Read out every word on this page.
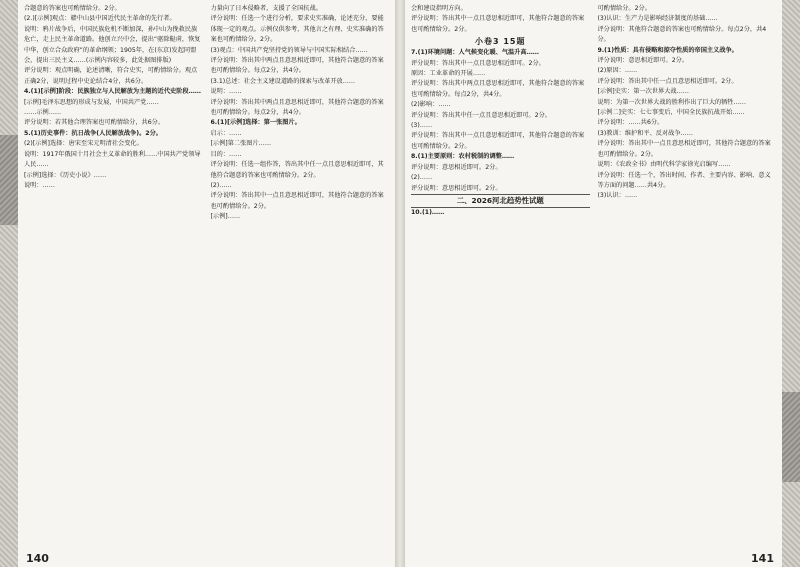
合题意的答案也可酌情给分。2分。

(2.)[示例]观点：赣中山县中国近代民主革命的先行者。

说明：鸦片战争后，中国民族危机不断加深，孙中山为挽救民族危亡，走上民主革命道路。他创立兴中会，提出“驱除鞑虏，恢复中华，创立合众政府”的革命纲领；1905年，在(东京)发起同盟会，提出三民主义……(示例内容较多，此处据图排版)

评分说明：观点明确，论述清晰，符合史实，可酌情给分。观点正确2分，说明过程中史论结合4分，共6分。

4.(1)[示例]阶段：民族独立与人民解放为主题的近代史阶段……

[示例]毛泽东思想的形成与发展，中国共产党……

……示例……

评分说明：若其他合理答案也可酌情给分，共6分。

5.(1)历史事件：抗日战争(人民解放战争)。2分。

(2)[示例]选择：唐宋至宋元明清社会变化。

说明：1917年俄国十月社会主义革命的胜利……中国共产党领导人民……

[示例]选择：《历史小说》……

说明：……

力量向了日本侵略者，支援了全国抗战。

评分说明：任选一个进行分析，要求史实准确，论述充分，要能体现一定的观点。示例仅供参考，其他言之有理、史实准确的答案也可酌情给分。2分。

(3)观点：中国共产党坚持党的领导与中国实际相结合……

评分说明：答出其中两点且意思相近即可，其他符合题意的答案也可酌情给分。每点2分，共4分。

(3.1)总述：社会主义建设道路的探索与改革开放……

说明：……

评分说明：答出其中两点且意思相近即可，其他符合题意的答案也可酌情给分。每点2分，共4分。

6.(1)[示例]选择：第一张图片。

启示：……

[示例]第二张图片……

目的：……

评分说明：任选一组作答，答出其中任一点且意思相近即可，其他符合题意的答案也可酌情给分。2分。

(2)……

评分说明：答出其中一点且意思相近即可，其他符合题意的答案也可酌情给分。2分。

[示例]……

140

会和建设指明方向。

评分说明：答出其中一点且意思相近即可，其他符合题意的答案也可酌情给分。2分。

小卷3 15题

7.(1)环境问题：人气候变化暖、气温升高……

评分说明：答出其中一点且意思相近即可。2分。

原因：工业革命的开展……

评分说明：答出其中两点且意思相近即可，其他符合题意的答案也可酌情给分。每点2分，共4分。

(2)影响：……

评分说明：答出其中任一点且意思相近即可。2分。

(3)……

评分说明：答出其中一点且意思相近即可，其他符合题意的答案也可酌情给分。2分。

8.(1)主要原则：农村税制的调整……

评分说明：意思相近即可。2分。

(2)……

评分说明：意思相近即可。2分。

二、2026河北趋势性试题

10.(1)……

可酌情给分。2分。

(3)认识：生产力是影响经济制度的基础……

评分说明：其他符合题意的答案也可酌情给分。每点2分，共4分。

9.(1)性质：具有侵略和掠夺性质的帝国主义战争。

评分说明：意思相近即可。2分。

(2)原因：……

评分说明：答出其中任一点且意思相近即可。2分。

[示例]史实：第一次世界大战……

说明：为第一次世界大战的胜利作出了巨大的牺牲……

[示例二]史实：七七事变后，中国全民族抗战开始……

评分说明：……共6分。

(3)教训：维护和平、反对战争……

评分说明：答出其中一点且意思相近即可，其他符合题意的答案也可酌情给分。2分。

说明：《农政全书》由明代科学家徐光启编写……

评分说明：任选一个，答出时间、作者、主要内容、影响、意义等方面的问题……共4分。

(3)认识：……

141
